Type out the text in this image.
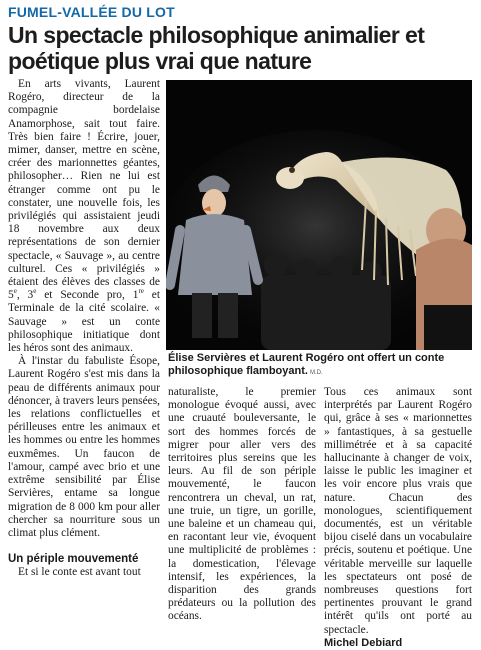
FUMEL-VALLÉE DU LOT
Un spectacle philosophique animalier et poétique plus vrai que nature

En arts vivants, Laurent Rogéro, directeur de la compagnie bordelaise Anamorphose, sait tout faire. Très bien faire ! Écrire, jouer, mimer, danser, mettre en scène, créer des marionnettes géantes, philosopher… Rien ne lui est étranger comme ont pu le constater, une nouvelle fois, les privilégiés qui assistaient jeudi 18 novembre aux deux représentations de son dernier spectacle, « Sauvage », au centre culturel. Ces « privilégiés » étaient des élèves des classes de 5e, 3e et Seconde pro, 1re et Terminale de la cité scolaire. « Sauvage » est un conte philosophique initiatique dont les héros sont des animaux.

À l'instar du fabuliste Ésope, Laurent Rogéro s'est mis dans la peau de différents animaux pour dénoncer, à travers leurs pensées, les relations conflictuelles et périlleuses entre les animaux et les hommes ou entre les hommes euxmêmes. Un faucon de l'amour, campé avec brio et une extrême sensibilité par Élise Servières, entame sa longue migration de 8 000 km pour aller chercher sa nourriture sous un climat plus clément.

Un périple mouvementé

Et si le conte est avant tout

Élise Servières et Laurent Rogéro ont offert un conte philosophique flamboyant. M.D.

naturaliste, le premier monologue évoqué aussi, avec une cruauté bouleversante, le sort des hommes forcés de migrer pour aller vers des territoires plus sereins que les leurs. Au fil de son périple mouvementé, le faucon rencontrera un cheval, un rat, une truie, un tigre, un gorille, une baleine et un chameau qui, en racontant leur vie, évoquent une multiplicité de problèmes : la domestication, l'élevage intensif, les expériences, la disparition des grands prédateurs ou la pollution des océans.

Tous ces animaux sont interprétés par Laurent Rogéro qui, grâce à ses « marionnettes » fantastiques, à sa gestuelle millimétrée et à sa capacité hallucinante à changer de voix, laisse le public les imaginer et les voir encore plus vrais que nature. Chacun des monologues, scientifiquement documentés, est un véritable bijou ciselé dans un vocabulaire précis, soutenu et poétique. Une véritable merveille sur laquelle les spectateurs ont posé de nombreuses questions fort pertinentes prouvant le grand intérêt qu'ils ont porté au spectacle.

Michel Debiard
